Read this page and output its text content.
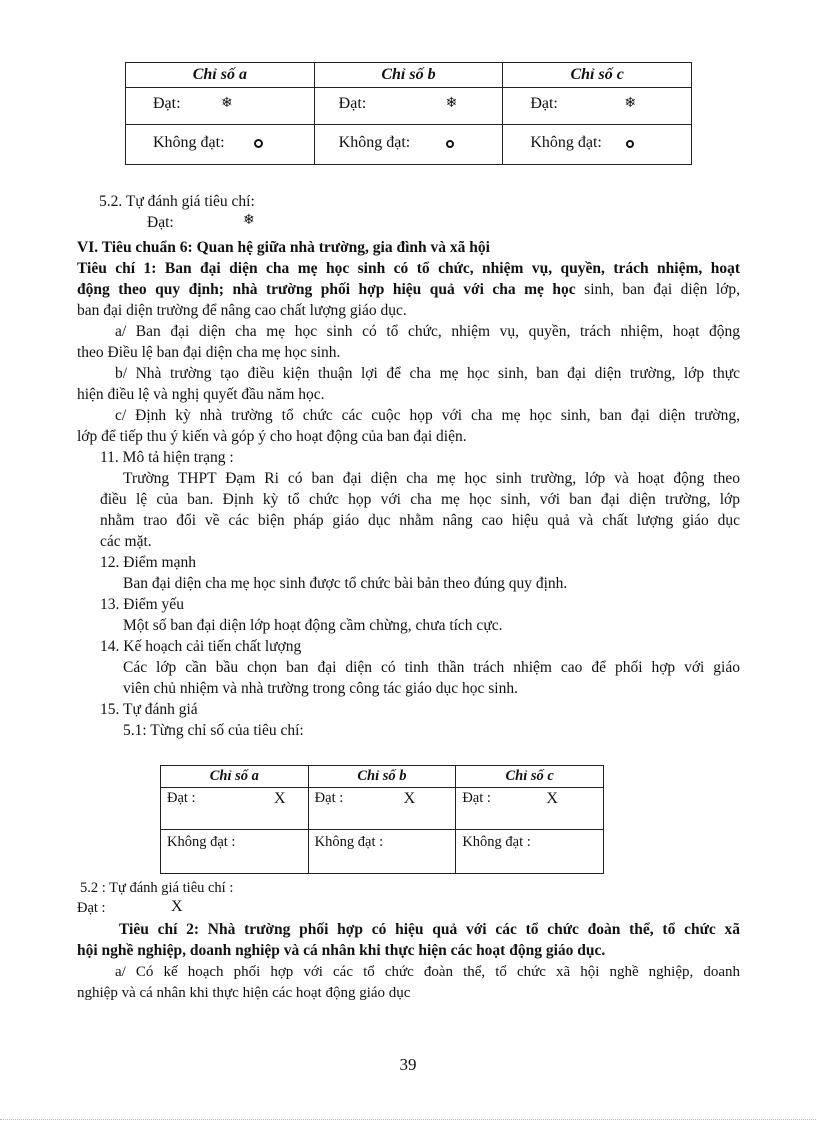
Chỉ số a	Chỉ số b	Chỉ số c

Đạt: ❄	Đạt: ❄	Đạt: ❄

Không đạt:	Không đạt:	Không đạt:
5.2. Tự đánh giá tiêu chí:
Đạt:	❄
VI. Tiêu chuẩn 6: Quan hệ giữa nhà trường, gia đình và xã hội
Tiêu chí 1: Ban đại diện cha mẹ học sinh có tổ chức, nhiệm vụ, quyền, trách nhiệm, hoạt
động theo quy định; nhà trường phối hợp hiệu quả với cha mẹ học sinh, ban đại diện lớp,
ban đại diện trường để nâng cao chất lượng giáo dục.
a/ Ban đại diện cha mẹ học sinh có tổ chức, nhiệm vụ, quyền, trách nhiệm, hoạt động
theo Điều lệ ban đại diện cha mẹ học sinh.
b/ Nhà trường tạo điều kiện thuận lợi để cha mẹ học sinh, ban đại diện trường, lớp thực
hiện điều lệ và nghị quyết đầu năm học.
c/ Định kỳ nhà trường tổ chức các cuộc họp với cha mẹ học sinh, ban đại diện trường,
lớp để tiếp thu ý kiến và góp ý cho hoạt động của ban đại diện.
11. Mô tả hiện trạng :
Trường THPT Đạm Ri có ban đại diện cha mẹ học sinh trường, lớp và hoạt động theo
điều lệ của ban. Định kỳ tổ chức họp với cha mẹ học sinh, với ban đại diện trường, lớp
nhằm trao đổi về các biện pháp giáo dục nhằm nâng cao hiệu quả và chất lượng giáo dục
các mặt.
12. Điểm mạnh
Ban đại diện cha mẹ học sinh được tổ chức bài bản theo đúng quy định.
13. Điểm yếu
Một số ban đại diện lớp hoạt động cầm chừng, chưa tích cực.
14. Kế hoạch cải tiến chất lượng
Các lớp cần bầu chọn ban đại diện có tinh thần trách nhiệm cao để phối hợp với giáo
viên chủ nhiệm và nhà trường trong công tác giáo dục học sinh.
15. Tự đánh giá
5.1: Từng chỉ số của tiêu chí:
Chỉ số a	Chỉ số b	Chỉ số c

Đạt : X	Đạt : X	Đạt : X

Không đạt :	Không đạt :	Không đạt :
5.2 : Tự đánh giá tiêu chí :
Đạt :	X
Tiêu chí 2: Nhà trường phối hợp có hiệu quả với các tổ chức đoàn thể, tổ chức xã
hội nghề nghiệp, doanh nghiệp và cá nhân khi thực hiện các hoạt động giáo dục.
a/ Có kế hoạch phối hợp với các tổ chức đoàn thể, tổ chức xã hội nghề nghiệp, doanh
nghiệp và cá nhân khi thực hiện các hoạt động giáo dục
39
